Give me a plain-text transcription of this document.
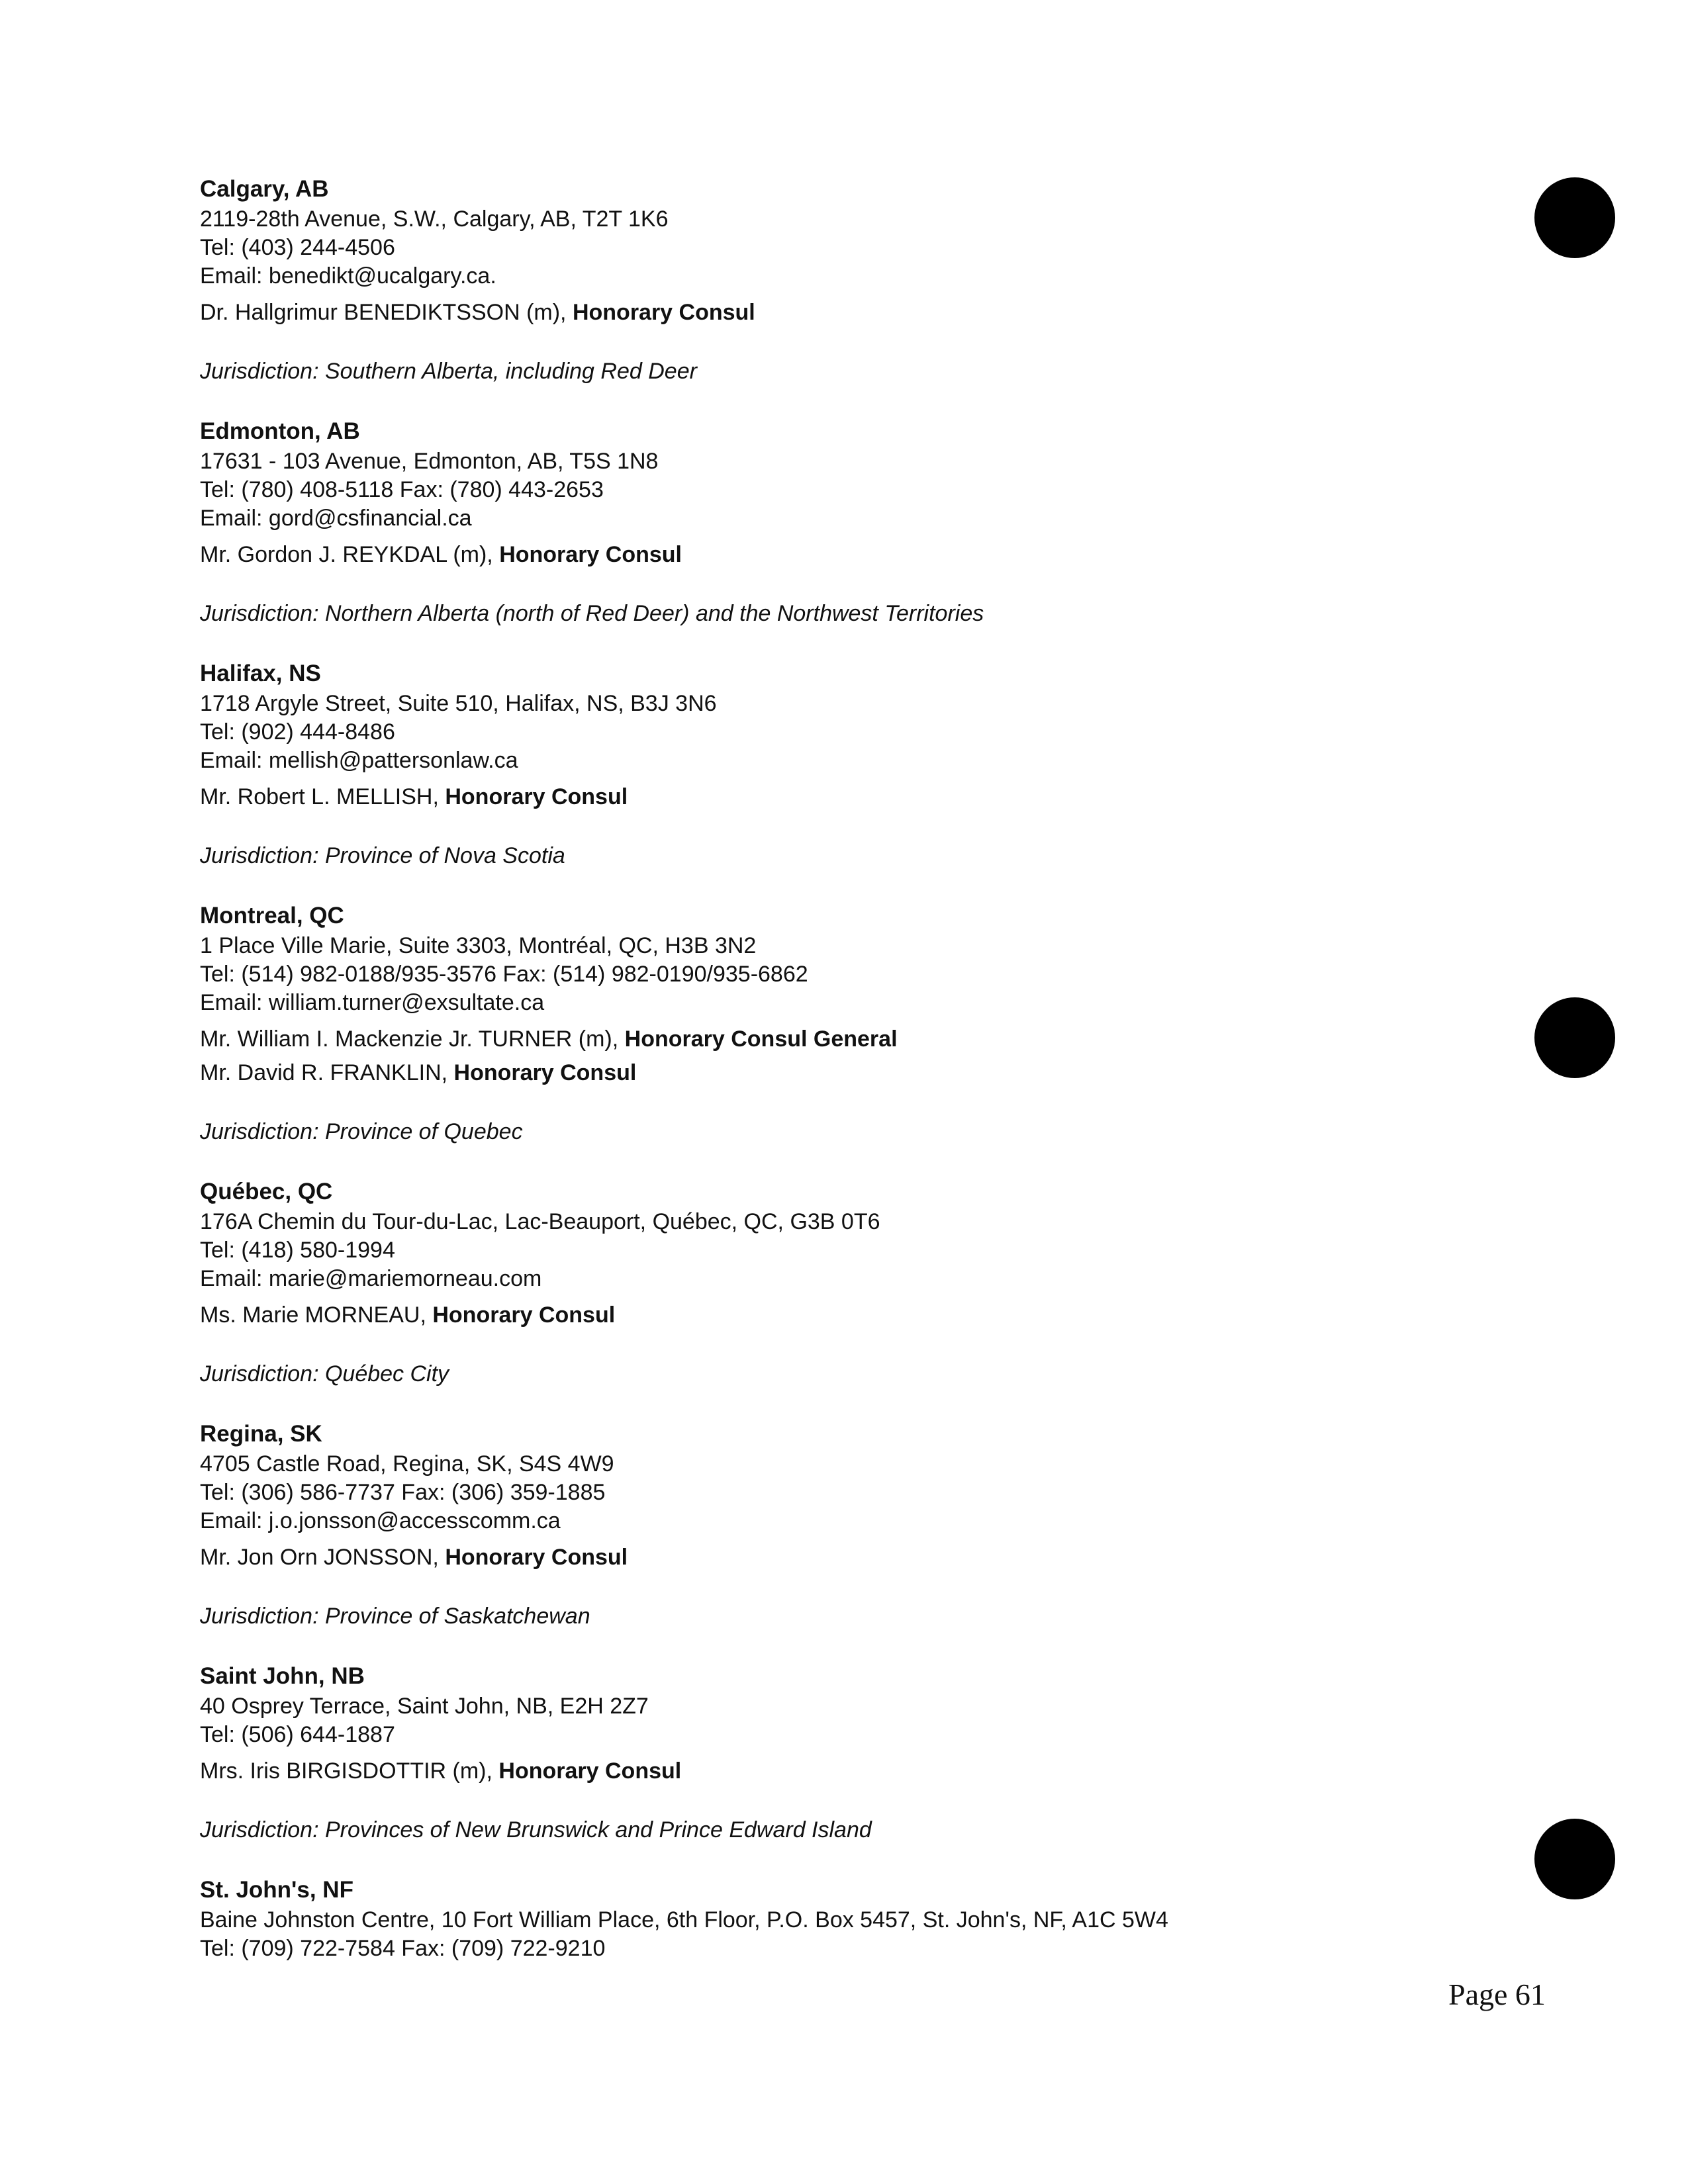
Calgary, AB
2119-28th Avenue, S.W., Calgary, AB, T2T 1K6
Tel: (403) 244-4506
Email: benedikt@ucalgary.ca.
Dr. Hallgrimur BENEDIKTSSON (m), Honorary Consul
Jurisdiction: Southern Alberta, including Red Deer
Edmonton, AB
17631 - 103 Avenue, Edmonton, AB, T5S 1N8
Tel: (780) 408-5118 Fax: (780) 443-2653
Email: gord@csfinancial.ca
Mr. Gordon J. REYKDAL (m), Honorary Consul
Jurisdiction: Northern Alberta (north of Red Deer) and the Northwest Territories
Halifax, NS
1718 Argyle Street, Suite 510, Halifax, NS, B3J 3N6
Tel: (902) 444-8486
Email: mellish@pattersonlaw.ca
Mr. Robert L. MELLISH, Honorary Consul
Jurisdiction: Province of Nova Scotia
Montreal, QC
1 Place Ville Marie, Suite 3303, Montréal, QC, H3B 3N2
Tel: (514) 982-0188/935-3576 Fax: (514) 982-0190/935-6862
Email: william.turner@exsultate.ca
Mr. William I. Mackenzie Jr. TURNER (m), Honorary Consul General
Mr. David R. FRANKLIN, Honorary Consul
Jurisdiction: Province of Quebec
Québec, QC
176A Chemin du Tour-du-Lac, Lac-Beauport, Québec, QC, G3B 0T6
Tel: (418) 580-1994
Email: marie@mariemorneau.com
Ms. Marie MORNEAU, Honorary Consul
Jurisdiction: Québec City
Regina, SK
4705 Castle Road, Regina, SK, S4S 4W9
Tel: (306) 586-7737 Fax: (306) 359-1885
Email: j.o.jonsson@accesscomm.ca
Mr. Jon Orn JONSSON, Honorary Consul
Jurisdiction: Province of Saskatchewan
Saint John, NB
40 Osprey Terrace, Saint John, NB, E2H 2Z7
Tel: (506) 644-1887
Mrs. Iris BIRGISDOTTIR (m), Honorary Consul
Jurisdiction: Provinces of New Brunswick and Prince Edward Island
St. John's, NF
Baine Johnston Centre, 10 Fort William Place, 6th Floor, P.O. Box 5457, St. John's, NF, A1C 5W4
Tel: (709) 722-7584 Fax: (709) 722-9210
Page 61
